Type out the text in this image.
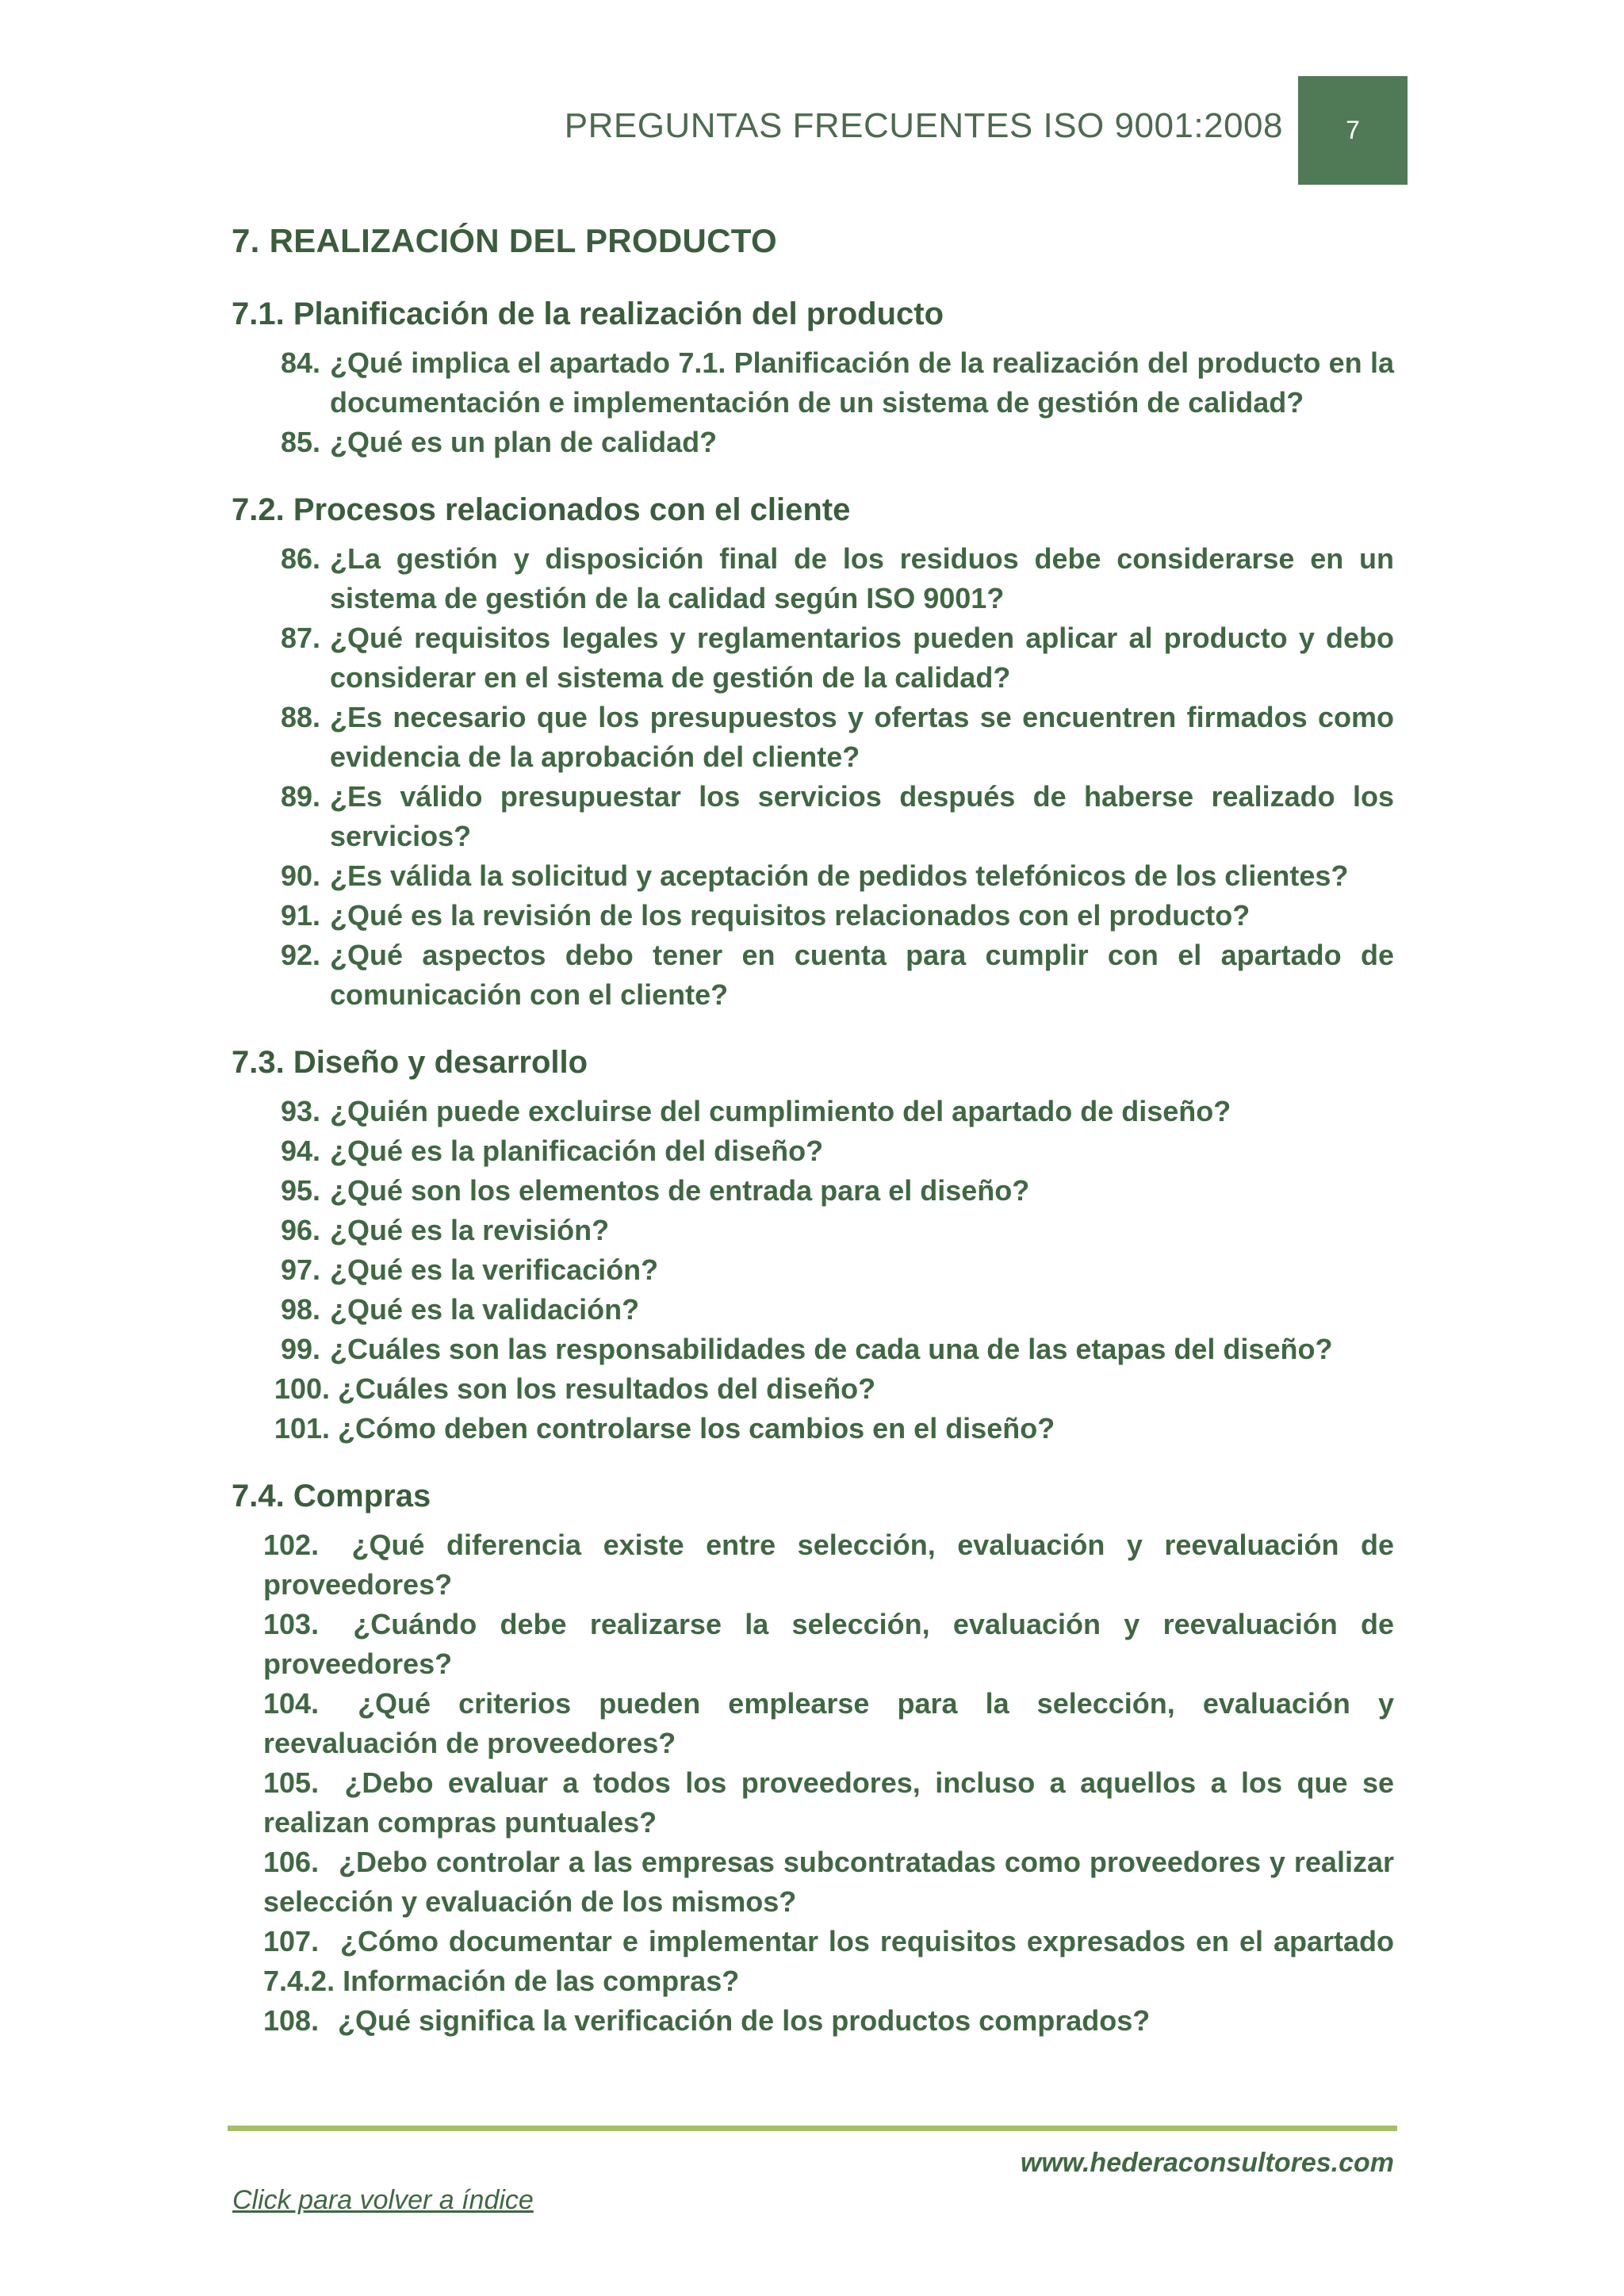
PREGUNTAS FRECUENTES ISO 9001:2008 7
7. REALIZACIÓN DEL PRODUCTO
7.1. Planificación de la realización del producto
84. ¿Qué implica el apartado 7.1. Planificación de la realización del producto en la documentación e implementación de un sistema de gestión de calidad?
85. ¿Qué es un plan de calidad?
7.2. Procesos relacionados con el cliente
86. ¿La gestión y disposición final de los residuos debe considerarse en un sistema de gestión de la calidad según ISO 9001?
87. ¿Qué requisitos legales y reglamentarios pueden aplicar al producto y debo considerar en el sistema de gestión de la calidad?
88. ¿Es necesario que los presupuestos y ofertas se encuentren firmados como evidencia de la aprobación del cliente?
89. ¿Es válido presupuestar los servicios después de haberse realizado los servicios?
90. ¿Es válida la solicitud y aceptación de pedidos telefónicos de los clientes?
91. ¿Qué es la revisión de los requisitos relacionados con el producto?
92. ¿Qué aspectos debo tener en cuenta para cumplir con el apartado de comunicación con el cliente?
7.3. Diseño y desarrollo
93. ¿Quién puede excluirse del cumplimiento del apartado de diseño?
94. ¿Qué es la planificación del diseño?
95. ¿Qué son los elementos de entrada para el diseño?
96. ¿Qué es la revisión?
97. ¿Qué es la verificación?
98. ¿Qué es la validación?
99. ¿Cuáles son las responsabilidades de cada una de las etapas del diseño?
100. ¿Cuáles son los resultados del diseño?
101. ¿Cómo deben controlarse los cambios en el diseño?
7.4. Compras
102. ¿Qué diferencia existe entre selección, evaluación y reevaluación de proveedores?
103. ¿Cuándo debe realizarse la selección, evaluación y reevaluación de proveedores?
104. ¿Qué criterios pueden emplearse para la selección, evaluación y reevaluación de proveedores?
105. ¿Debo evaluar a todos los proveedores, incluso a aquellos a los que se realizan compras puntuales?
106. ¿Debo controlar a las empresas subcontratadas como proveedores y realizar selección y evaluación de los mismos?
107. ¿Cómo documentar e implementar los requisitos expresados en el apartado 7.4.2. Información de las compras?
108. ¿Qué significa la verificación de los productos comprados?
www.hederaconsultores.com
Click para volver a índice
